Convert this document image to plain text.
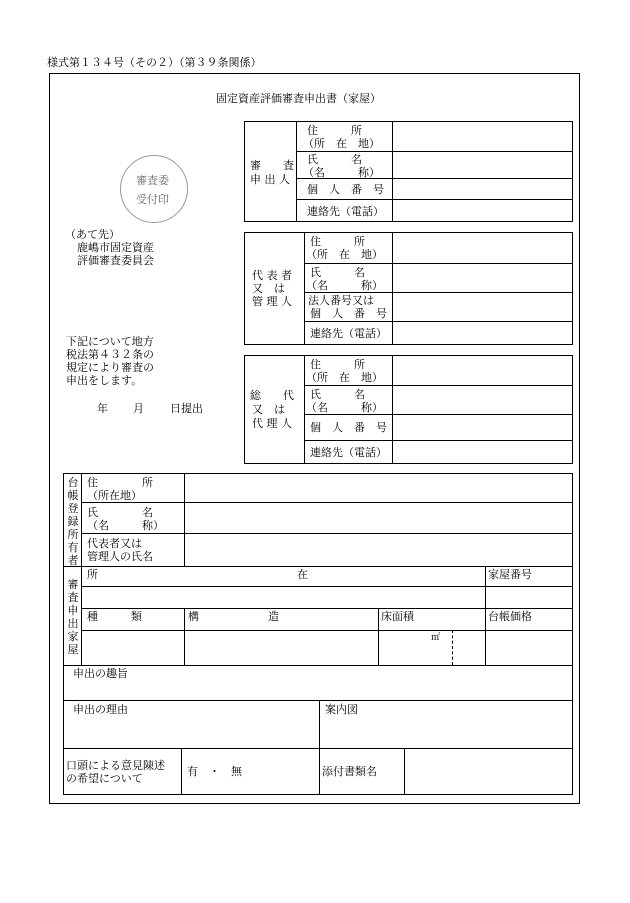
様式第１３４号（その２）（第３９条関係）
固定資産評価審査申出書（家屋）
審査委
受付印
（あて先）
鹿嶋市固定資産
評価審査委員会
下記について地方
税法第４３２条の
規定により審査の
申出をします。
年 月 日提出
審　　査
申 出 人
住　　　所
（所　在　地）
氏　　　名
（名　　　称）
個　人　番　号
連絡先（電話）
代 表 者
又　は
管 理 人
住　　　所
（所　在　地）
氏　　　名
（名　　　称）
法人番号又は
個　人　番　号
連絡先（電話）
総　　代
又　は
代 理 人
住　　　所
（所　在　地）
氏　　　名
（名　　　称）
個　人　番　号
連絡先（電話）
台帳登録所有者
住　　　　所
（所在地）
氏　　　　名
（名　　　称）
代表者又は
管理人の氏名
審査申出家屋
所	在	家屋番号
種　　　類	構	造	床面積	台帳価格
㎡
申出の趣旨
申出の理由	案内図
口頭による意見陳述
の希望について
有　・　無	添付書類名
